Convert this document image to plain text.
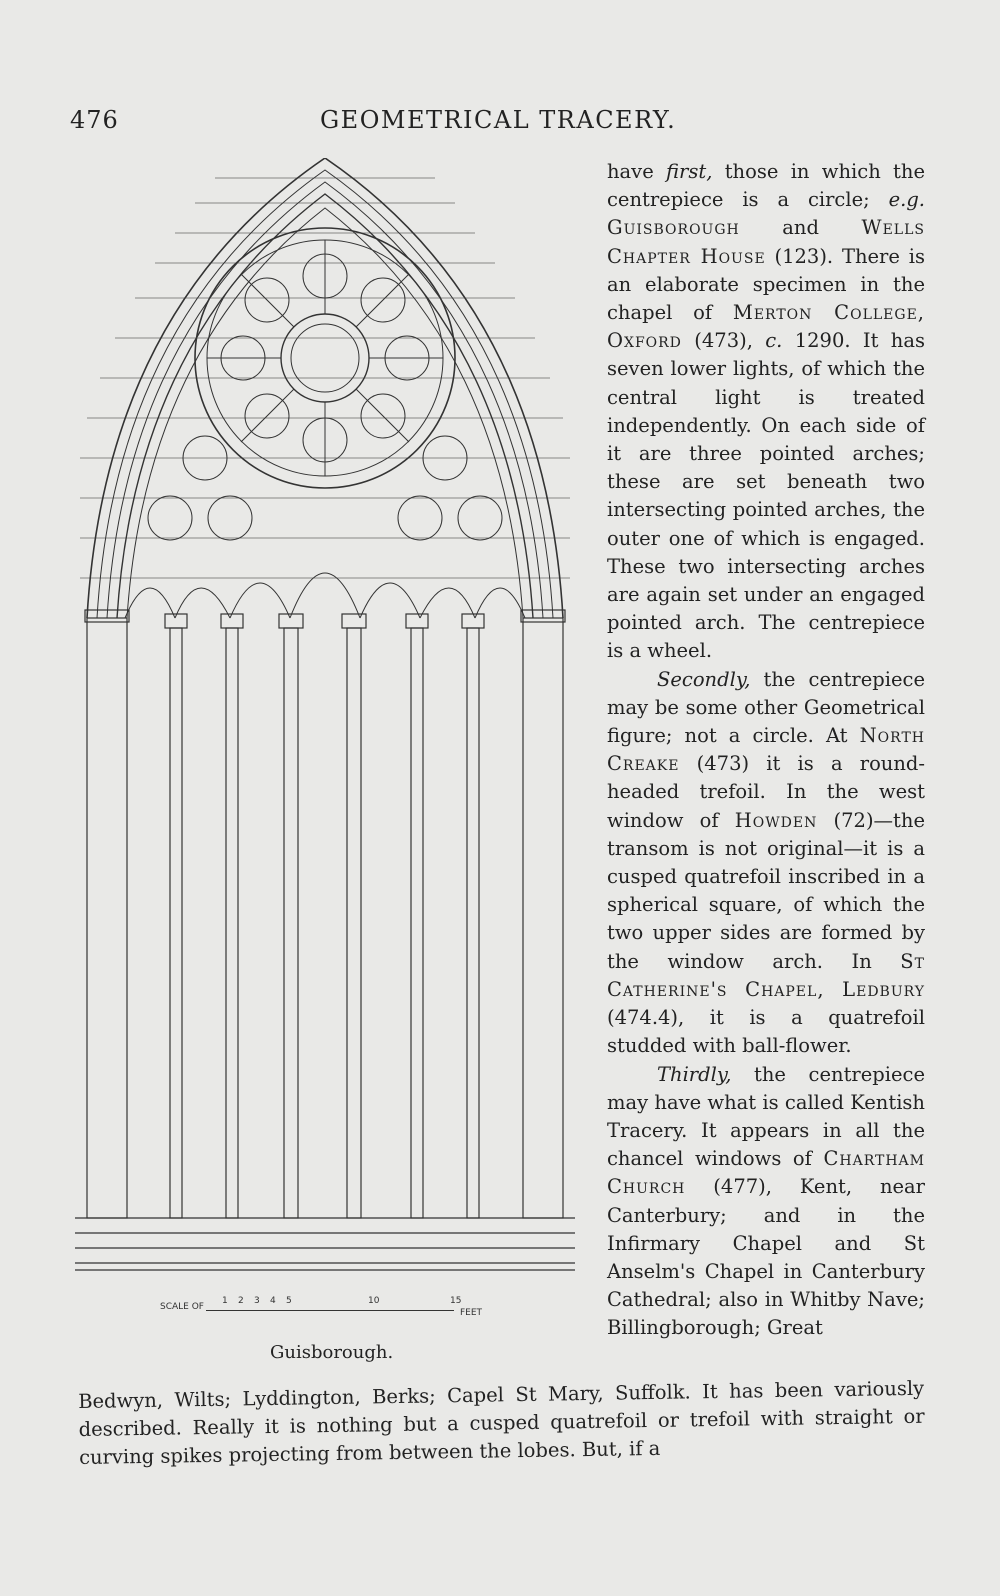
476	GEOMETRICAL TRACERY.
SCALE OF
1 2 3 4 5	10	15
FEET
Guisborough.

have first, those in which the centrepiece is a circle; e.g. Guisborough and Wells Chapter House (123). There is an elaborate specimen in the chapel of Merton College, Oxford (473), c. 1290. It has seven lower lights, of which the central light is treated independently. On each side of it are three pointed arches; these are set beneath two intersecting pointed arches, the outer one of which is engaged. These two intersecting arches are again set under an engaged pointed arch. The centrepiece is a wheel.

Secondly, the centrepiece may be some other Geometrical figure; not a circle. At North Creake (473) it is a round-headed trefoil. In the west window of Howden (72)—the transom is not original—it is a cusped quatrefoil inscribed in a spherical square, of which the two upper sides are formed by the window arch. In St Catherine's Chapel, Ledbury (474.4), it is a quatrefoil studded with ball-flower.

Thirdly, the centrepiece may have what is called Kentish Tracery. It appears in all the chancel windows of Chartham Church (477), Kent, near Canterbury; and in the Infirmary Chapel and St Anselm's Chapel in Canterbury Cathedral; also in Whitby Nave; Billingborough; Great

Bedwyn, Wilts; Lyddington, Berks; Capel St Mary, Suffolk. It has been variously described. Really it is nothing but a cusped quatrefoil or trefoil with straight or curving spikes projecting from between the lobes. But, if a
